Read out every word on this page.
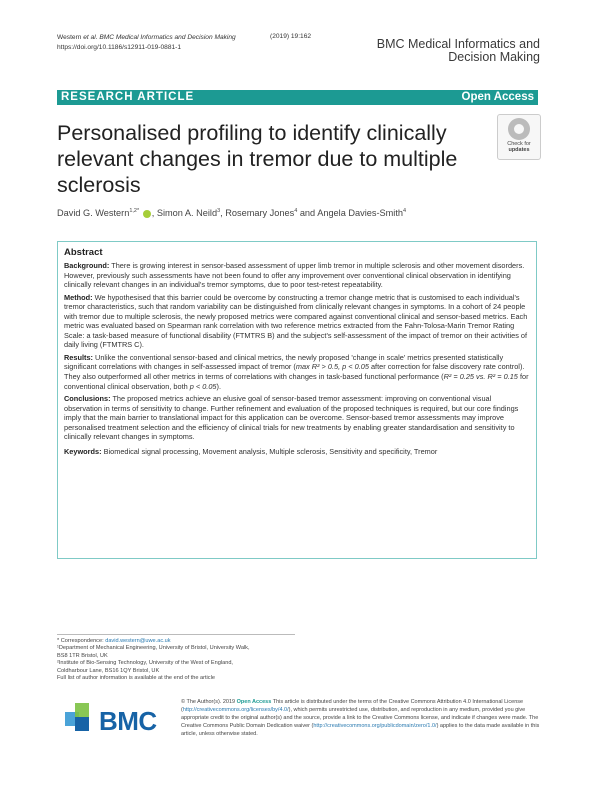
Western et al. BMC Medical Informatics and Decision Making
https://doi.org/10.1186/s12911-019-0881-1
(2019) 19:162
BMC Medical Informatics and
Decision Making
RESEARCH ARTICLE	Open Access
Personalised profiling to identify clinically relevant changes in tremor due to multiple sclerosis
Check for
updates
David G. Western$^{1,2*}$ , Simon A. Neild$^3$, Rosemary Jones$^4$ and Angela Davies-Smith$^4$
Abstract

Background: There is growing interest in sensor-based assessment of upper limb tremor in multiple sclerosis and other movement disorders. However, previously such assessments have not been found to offer any improvement over conventional clinical observation in identifying clinically relevant changes in an individual's tremor symptoms, due to poor test-retest repeatability.

Method: We hypothesised that this barrier could be overcome by constructing a tremor change metric that is customised to each individual's tremor characteristics, such that random variability can be distinguished from clinically relevant changes in symptoms. In a cohort of 24 people with tremor due to multiple sclerosis, the newly proposed metrics were compared against conventional clinical and sensor-based metrics. Each metric was evaluated based on Spearman rank correlation with two reference metrics extracted from the Fahn-Tolosa-Marin Tremor Rating Scale: a task-based measure of functional disability (FTMTRS B) and the subject's self-assessment of the impact of tremor on their activities of daily living (FTMTRS C).

Results: Unlike the conventional sensor-based and clinical metrics, the newly proposed 'change in scale' metrics presented statistically significant correlations with changes in self-assessed impact of tremor (max R² > 0.5, p < 0.05 after correction for false discovery rate control). They also outperformed all other metrics in terms of correlations with changes in task-based functional performance (R² = 0.25 vs. R² = 0.15 for conventional clinical observation, both p < 0.05).

Conclusions: The proposed metrics achieve an elusive goal of sensor-based tremor assessment: improving on conventional visual observation in terms of sensitivity to change. Further refinement and evaluation of the proposed techniques is required, but our core findings imply that the main barrier to translational impact for this application can be overcome. Sensor-based tremor assessments may improve personalised treatment selection and the efficiency of clinical trials for new treatments by enabling greater standardisation and sensitivity to clinically relevant changes in symptoms.

Keywords: Biomedical signal processing, Movement analysis, Multiple sclerosis, Sensitivity and specificity, Tremor

* Correspondence: david.western@uwe.ac.uk
¹Department of Mechanical Engineering, University of Bristol, University Walk,
BS8 1TR Bristol, UK
²Institute of Bio-Sensing Technology, University of the West of England,
Coldharbour Lane, BS16 1QY Bristol, UK
Full list of author information is available at the end of the article
BMC
© The Author(s). 2019 Open Access This article is distributed under the terms of the Creative Commons Attribution 4.0 International License (http://creativecommons.org/licenses/by/4.0/), which permits unrestricted use, distribution, and reproduction in any medium, provided you give appropriate credit to the original author(s) and the source, provide a link to the Creative Commons license, and indicate if changes were made. The Creative Commons Public Domain Dedication waiver (http://creativecommons.org/publicdomain/zero/1.0/) applies to the data made available in this article, unless otherwise stated.
